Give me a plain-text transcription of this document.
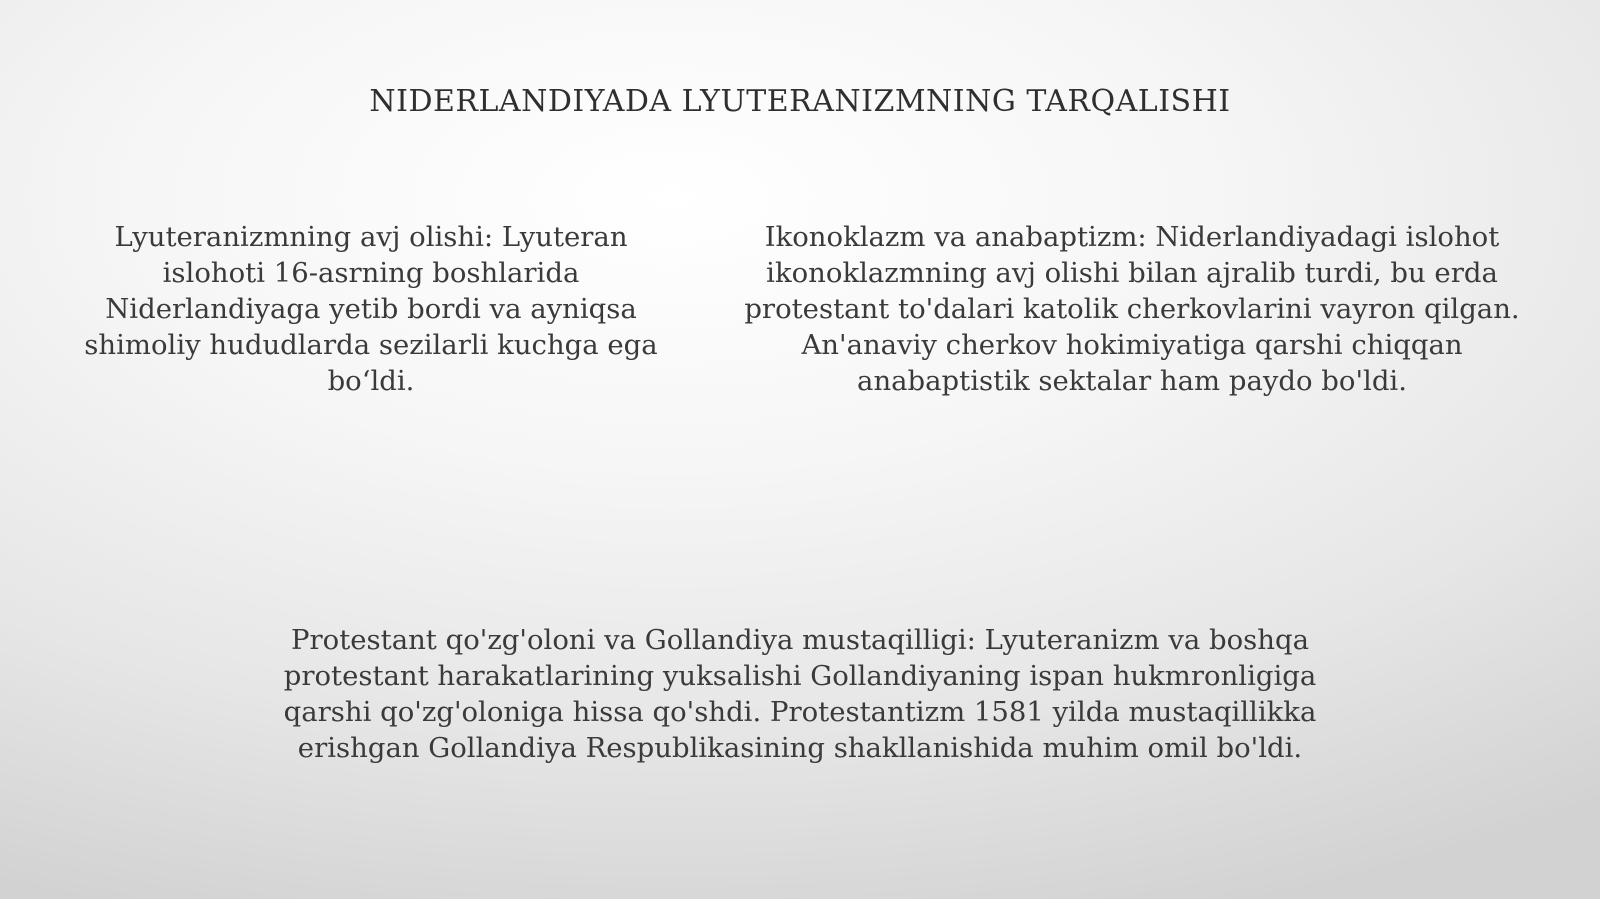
NIDERLANDIYADA LYUTERANIZMNING TARQALISHI

Lyuteranizmning avj olishi: Lyuteran islohoti 16-asrning boshlarida Niderlandiyaga yetib bordi va ayniqsa shimoliy hududlarda sezilarli kuchga ega boʻldi.

Ikonoklazm va anabaptizm: Niderlandiyadagi islohot ikonoklazmning avj olishi bilan ajralib turdi, bu erda protestant to'dalari katolik cherkovlarini vayron qilgan. An'anaviy cherkov hokimiyatiga qarshi chiqqan anabaptistik sektalar ham paydo bo'ldi.

Protestant qo'zg'oloni va Gollandiya mustaqilligi: Lyuteranizm va boshqa protestant harakatlarining yuksalishi Gollandiyaning ispan hukmronligiga qarshi qo'zg'oloniga hissa qo'shdi. Protestantizm 1581 yilda mustaqillikka erishgan Gollandiya Respublikasining shakllanishida muhim omil bo'ldi.
